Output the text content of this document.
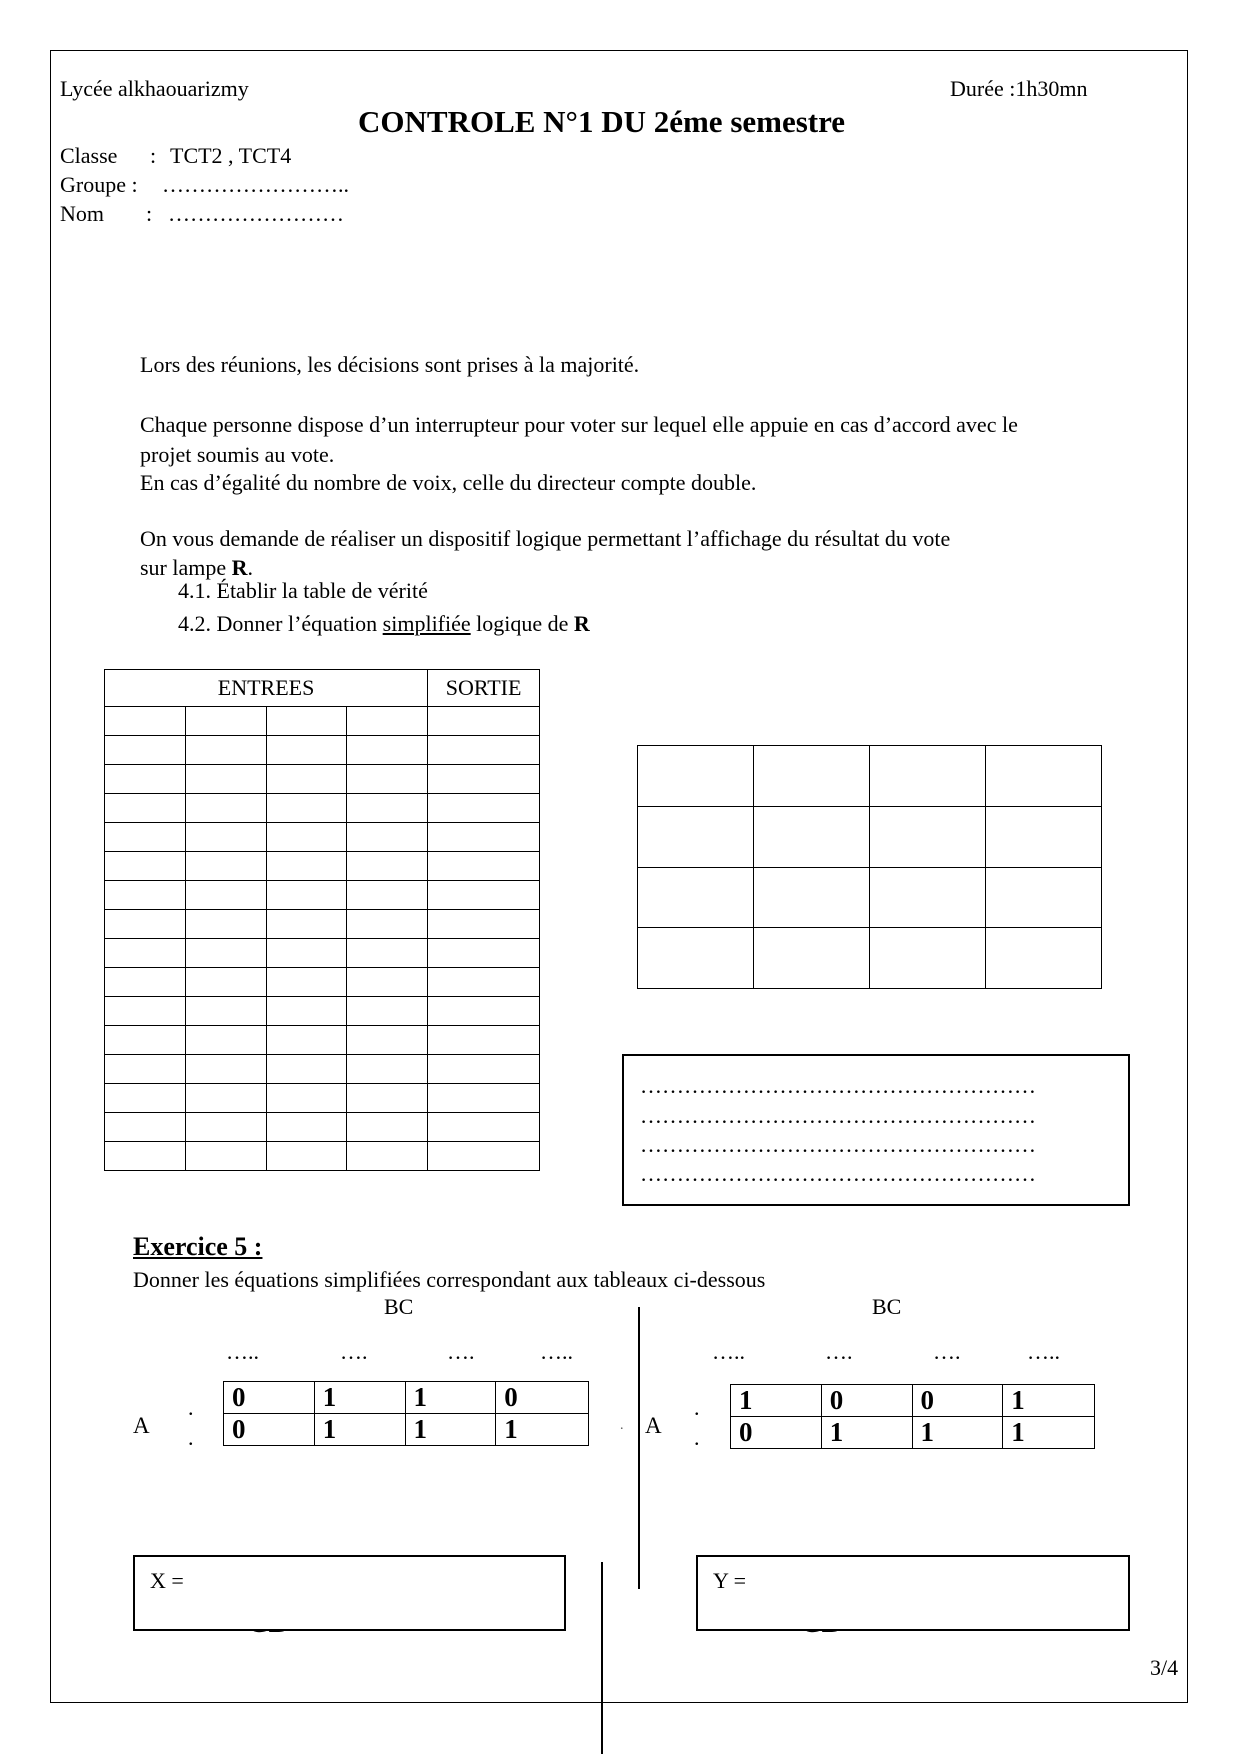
Lycée alkhaouarizmy	Durée :1h30mn
CONTROLE N°1 DU 2éme semestre
Classe : TCT2 , TCT4
Groupe : ……………………..
Nom : ……………………
Lors des réunions, les décisions sont prises à la majorité.
Chaque personne dispose d’un interrupteur pour voter sur lequel elle appuie en cas d’accord avec le
projet soumis au vote.
En cas d’égalité du nombre de voix, celle du directeur compte double.
On vous demande de réaliser un dispositif logique permettant l’affichage du résultat du vote
sur lampe R.
4.1. Établir la table de vérité
4.2. Donner l’équation simplifiée logique de R
ENTREES				SORTIE

………………………………………………
………………………………………………
………………………………………………
………………………………………………
Exercice 5 :
Donner les équations simplifiées correspondant aux tableaux ci-dessous
BC
…..	….	….	…..
A
.
.
0	1	1	0
0	1	1	1	.
BC
…..	….	….	…..
A
.
.
1	0	0	1
0	1	1	1
X =	Y =
3/4
